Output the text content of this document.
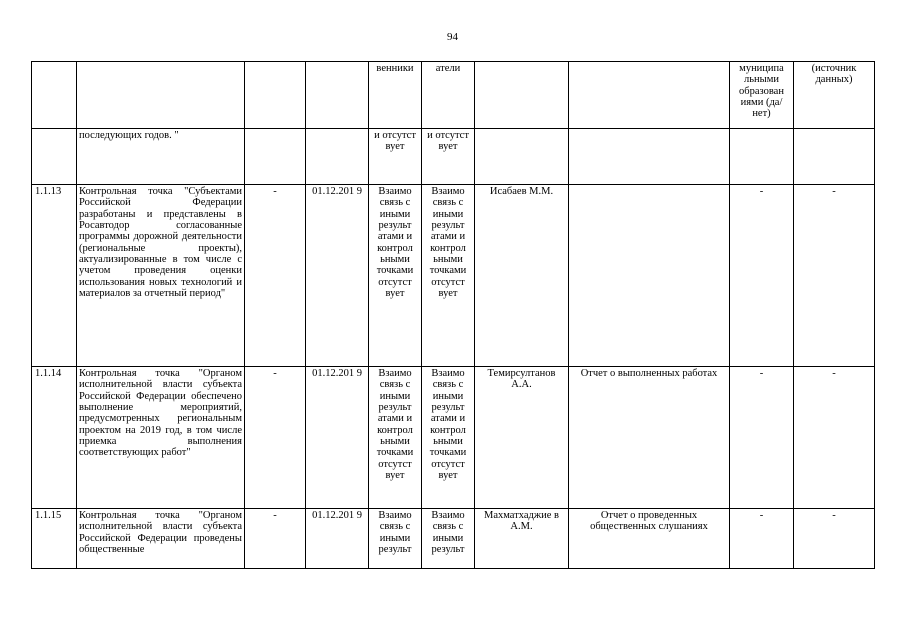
94
				венники	атели			муниципа льными образован иями (да/нет)	(источник данных)
	последующих годов. "			и отсутст вует	и отсутст вует				
1.1.13	Контрольная точка "Субъектами Российской Федерации разработаны и представлены в Росавтодор согласованные программы дорожной деятельности (региональные проекты), актуализированные в том числе с учетом проведения оценки использования новых технологий и материалов за отчетный период"	-	01.12.201 9	Взаимо связь с иными результ атами и контрол ьными точками отсутст вует	Взаимо связь с иными результ атами и контрол ьными точками отсутст вует	Исабаев М.М.		-	-
1.1.14	Контрольная точка "Органом исполнительной власти субъекта Российской Федерации обеспечено выполнение мероприятий, предусмотренных региональным проектом на 2019 год, в том числе приемка выполнения соответствующих работ"	-	01.12.201 9	Взаимо связь с иными результ атами и контрол ьными точками отсутст вует	Взаимо связь с иными результ атами и контрол ьными точками отсутст вует	Темирсултанов А.А.	Отчет о выполненных работах	-	-
1.1.15	Контрольная точка "Органом исполнительной власти субъекта Российской Федерации проведены общественные	-	01.12.201 9	Взаимо связь с иными результ	Взаимо связь с иными результ	Махматхаджие в А.М.	Отчет о проведенных общественных слушаниях	-	-
